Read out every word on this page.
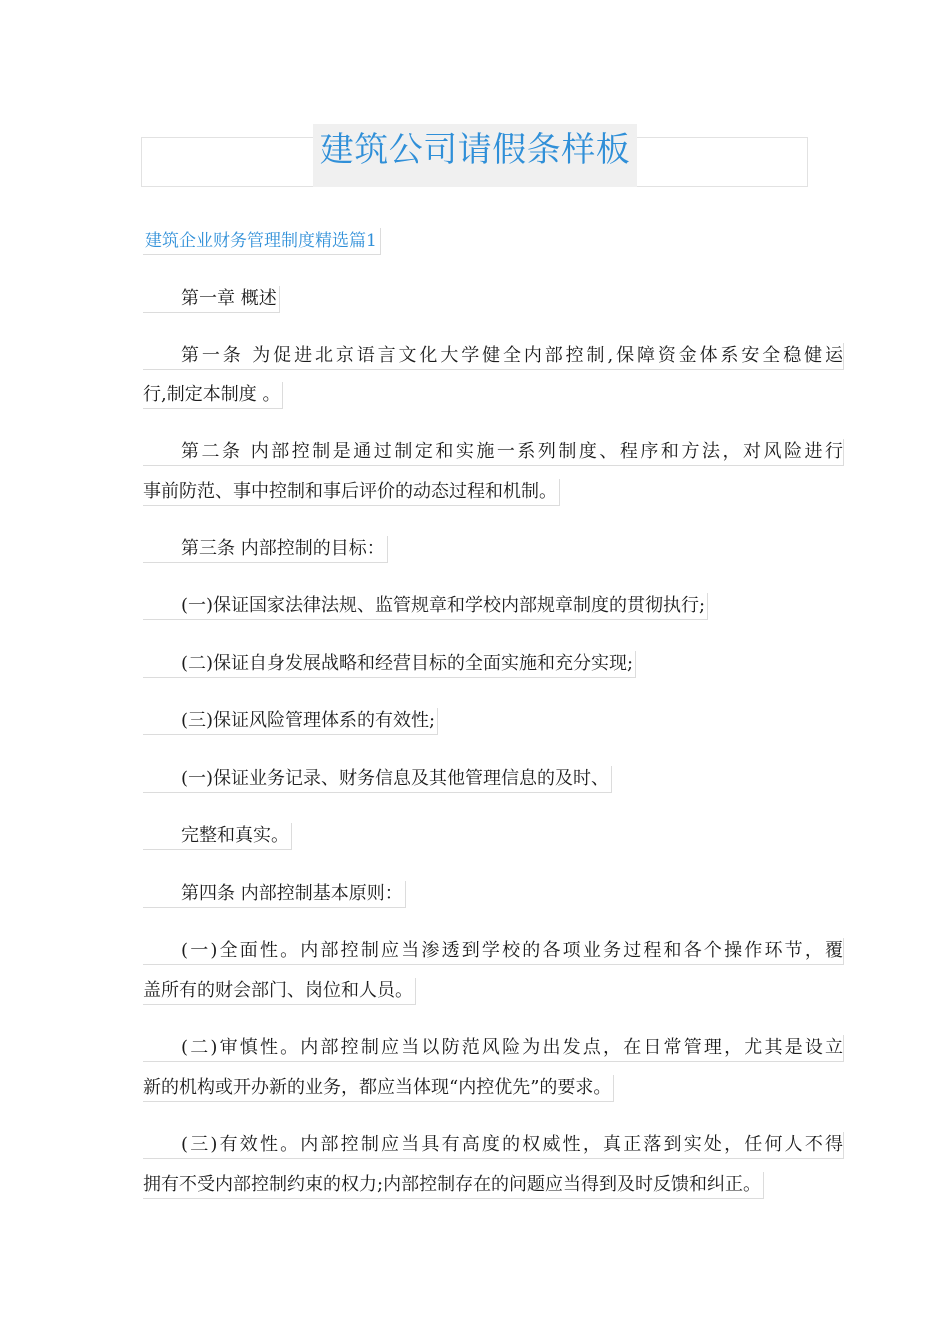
建筑公司请假条样板
建筑企业财务管理制度精选篇1
第一章 概述
第一条 为促进北京语言文化大学健全内部控制,保障资金体系安全稳健运
行,制定本制度 。
第二条 内部控制是通过制定和实施一系列制度、程序和方法，对风险进行
事前防范、事中控制和事后评价的动态过程和机制。
第三条 内部控制的目标：
(一)保证国家法律法规、监管规章和学校内部规章制度的贯彻执行;
(二)保证自身发展战略和经营目标的全面实施和充分实现;
(三)保证风险管理体系的有效性;
(一)保证业务记录、财务信息及其他管理信息的及时、
完整和真实。
第四条 内部控制基本原则：
(一)全面性。内部控制应当渗透到学校的各项业务过程和各个操作环节，覆
盖所有的财会部门、岗位和人员。
(二)审慎性。内部控制应当以防范风险为出发点，在日常管理，尤其是设立
新的机构或开办新的业务，都应当体现“内控优先”的要求。
(三)有效性。内部控制应当具有高度的权威性，真正落到实处，任何人不得
拥有不受内部控制约束的权力;内部控制存在的问题应当得到及时反馈和纠正。
